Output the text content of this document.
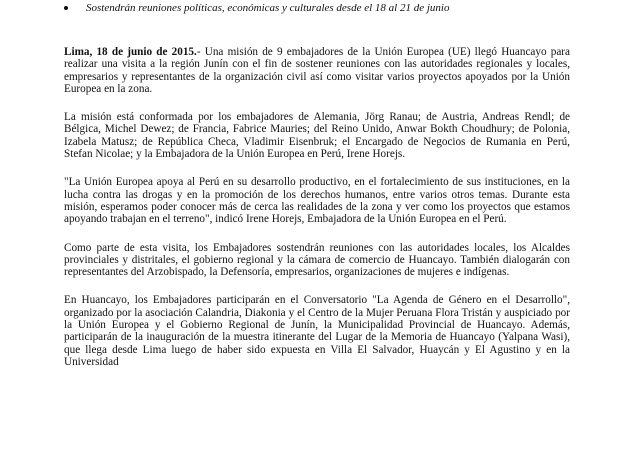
Sostendrán reuniones políticas, económicas y culturales desde el 18 al 21 de junio

Lima, 18 de junio de 2015.- Una misión de 9 embajadores de la Unión Europea (UE) llegó Huancayo para realizar una visita a la región Junín con el fin de sostener reuniones con las autoridades regionales y locales, empresarios y representantes de la organización civil así como visitar varios proyectos apoyados por la Unión Europea en la zona.

La misión está conformada por los embajadores de Alemania, Jörg Ranau; de Austria, Andreas Rendl; de Bélgica, Michel Dewez; de Francia, Fabrice Mauries; del Reino Unido, Anwar Bokth Choudhury; de Polonia, Izabela Matusz; de República Checa, Vladimir Eisenbruk; el Encargado de Negocios de Rumania en Perú, Stefan Nicolae; y la Embajadora de la Unión Europea en Perú, Irene Horejs.

"La Unión Europea apoya al Perú en su desarrollo productivo, en el fortalecimiento de sus instituciones, en la lucha contra las drogas y en la promoción de los derechos humanos, entre varios otros temas. Durante esta misión, esperamos poder conocer más de cerca las realidades de la zona y ver como los proyectos que estamos apoyando trabajan en el terreno", indicó Irene Horejs, Embajadora de la Unión Europea en el Perú.

Como parte de esta visita, los Embajadores sostendrán reuniones con las autoridades locales, los Alcaldes provinciales y distritales, el gobierno regional y la cámara de comercio de Huancayo. También dialogarán con representantes del Arzobispado, la Defensoría, empresarios, organizaciones de mujeres e indígenas.

En Huancayo, los Embajadores participarán en el Conversatorio "La Agenda de Género en el Desarrollo", organizado por la asociación Calandria, Diakonia y el Centro de la Mujer Peruana Flora Tristán y auspiciado por la Unión Europea y el Gobierno Regional de Junín, la Municipalidad Provincial de Huancayo. Además, participarán de la inauguración de la muestra itinerante del Lugar de la Memoria de Huancayo (Yalpana Wasi), que llega desde Lima luego de haber sido expuesta en Villa El Salvador, Huaycán y El Agustino y en la Universidad
